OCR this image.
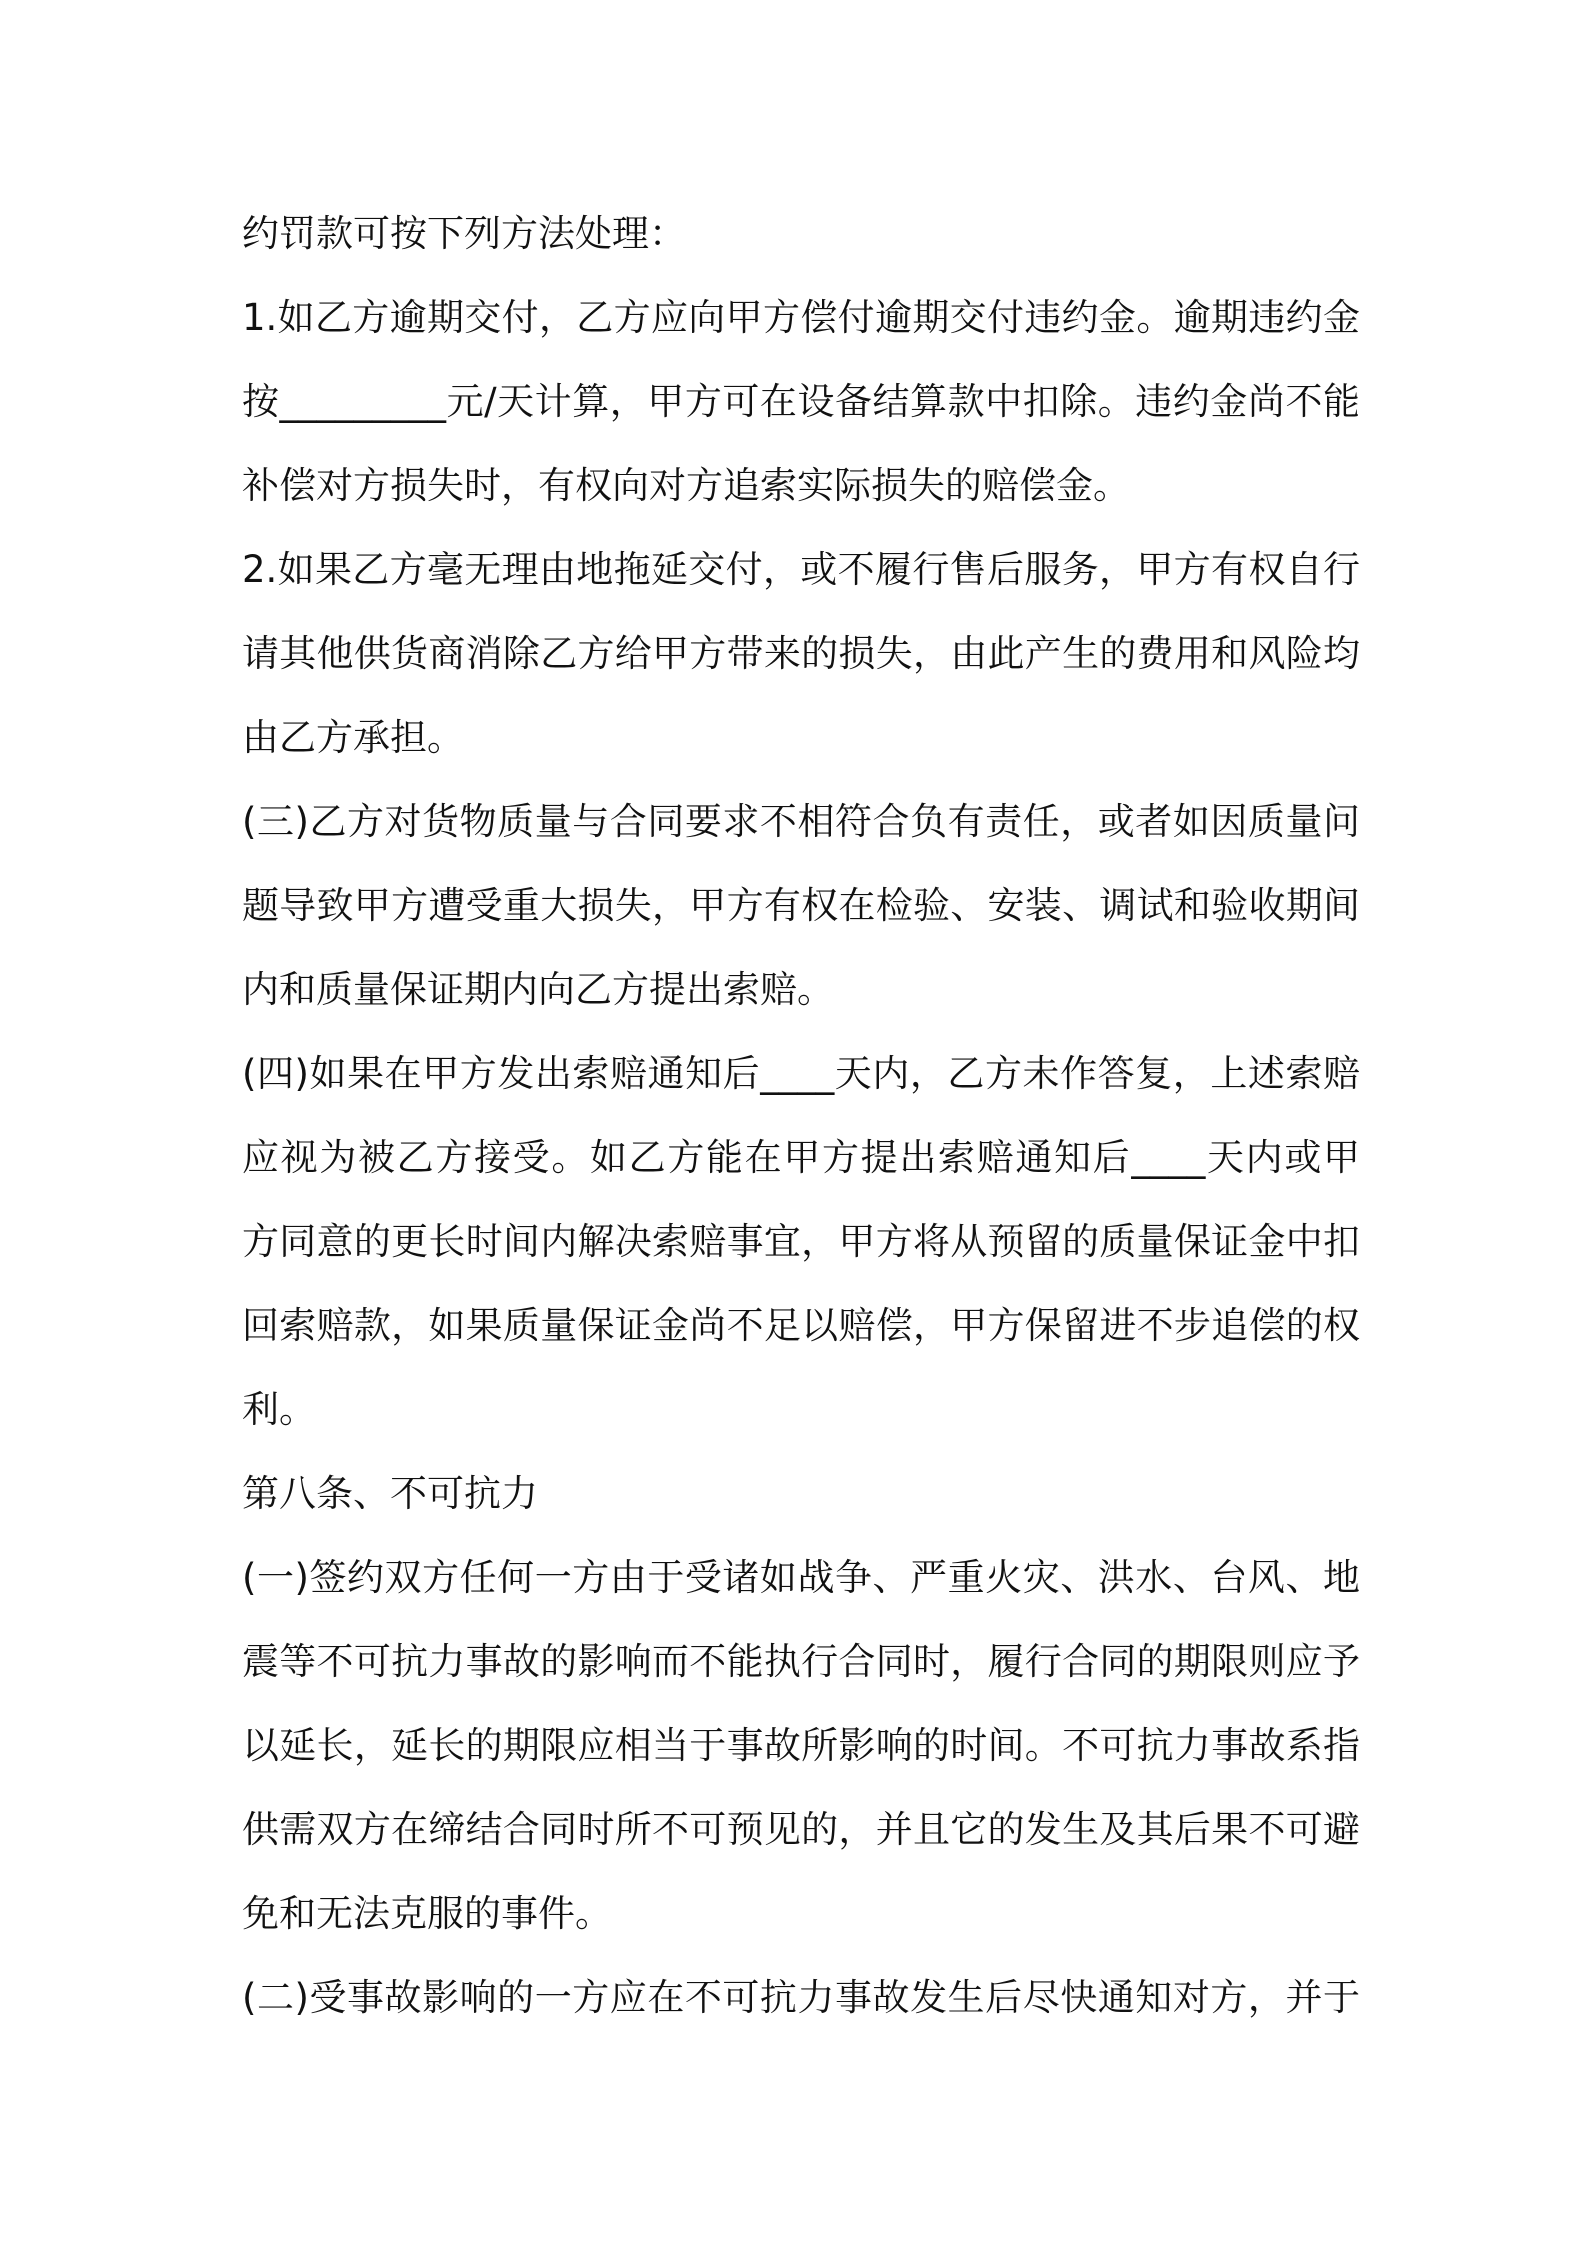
约罚款可按下列方法处理：
1.如乙方逾期交付，乙方应向甲方偿付逾期交付违约金。逾期违约金
按_________元/天计算，甲方可在设备结算款中扣除。违约金尚不能
补偿对方损失时，有权向对方追索实际损失的赔偿金。
2.如果乙方毫无理由地拖延交付，或不履行售后服务，甲方有权自行
请其他供货商消除乙方给甲方带来的损失，由此产生的费用和风险均
由乙方承担。
(三)乙方对货物质量与合同要求不相符合负有责任，或者如因质量问
题导致甲方遭受重大损失，甲方有权在检验、安装、调试和验收期间
内和质量保证期内向乙方提出索赔。
(四)如果在甲方发出索赔通知后____天内，乙方未作答复，上述索赔
应视为被乙方接受。如乙方能在甲方提出索赔通知后____天内或甲
方同意的更长时间内解决索赔事宜，甲方将从预留的质量保证金中扣
回索赔款，如果质量保证金尚不足以赔偿，甲方保留进不步追偿的权
利。
第八条、不可抗力
(一)签约双方任何一方由于受诸如战争、严重火灾、洪水、台风、地
震等不可抗力事故的影响而不能执行合同时，履行合同的期限则应予
以延长，延长的期限应相当于事故所影响的时间。不可抗力事故系指
供需双方在缔结合同时所不可预见的，并且它的发生及其后果不可避
免和无法克服的事件。
(二)受事故影响的一方应在不可抗力事故发生后尽快通知对方，并于
